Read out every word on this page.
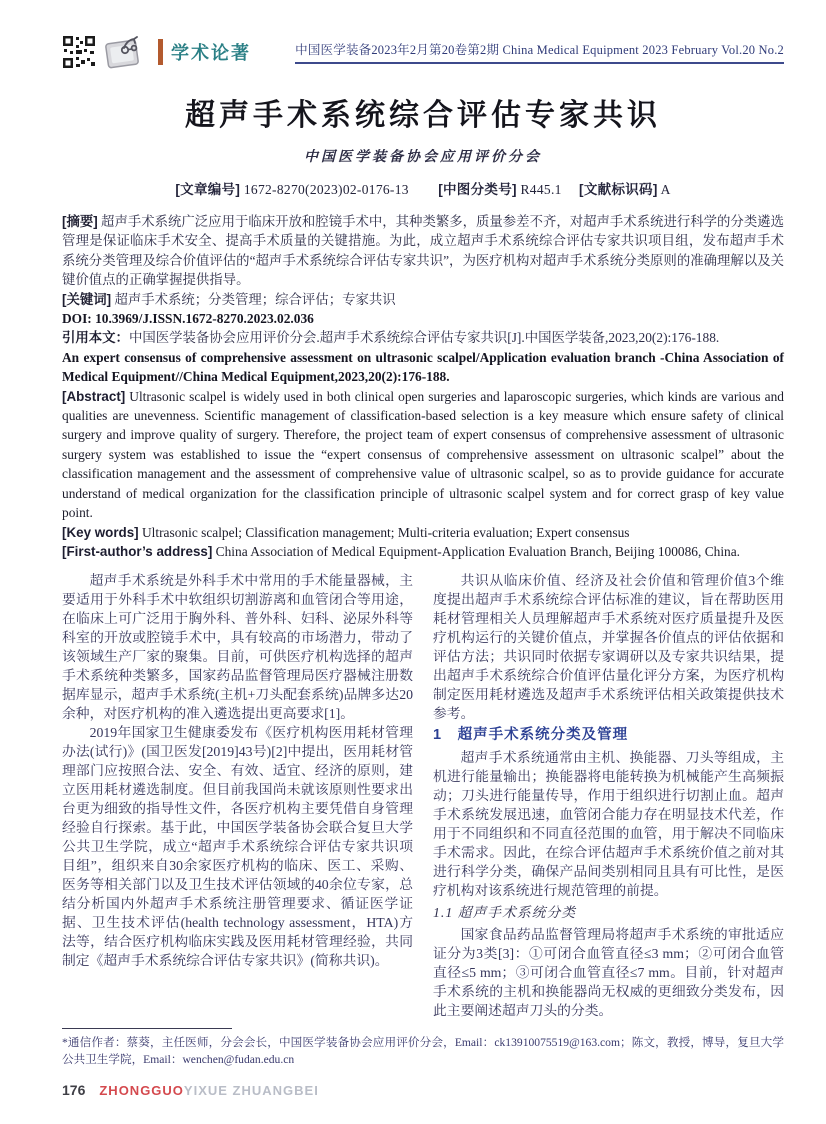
学术论著	中国医学装备2023年2月第20卷第2期 China Medical Equipment 2023 February Vol.20 No.2
超声手术系统综合评估专家共识
中国医学装备协会应用评价分会
[文章编号] 1672-8270(2023)02-0176-13 [中图分类号] R445.1 [文献标识码] A

[摘要] 超声手术系统广泛应用于临床开放和腔镜手术中，其种类繁多，质量参差不齐，对超声手术系统进行科学的分类遴选管理是保证临床手术安全、提高手术质量的关键措施。为此，成立超声手术系统综合评估专家共识项目组，发布超声手术系统分类管理及综合价值评估的“超声手术系统综合评估专家共识”，为医疗机构对超声手术系统分类原则的准确理解以及关键价值点的正确掌握提供指导。

[关键词] 超声手术系统；分类管理；综合评估；专家共识

DOI: 10.3969/J.ISSN.1672-8270.2023.02.036

引用本文：中国医学装备协会应用评价分会.超声手术系统综合评估专家共识[J].中国医学装备,2023,20(2):176-188.

An expert consensus of comprehensive assessment on ultrasonic scalpel/Application evaluation branch -China Association of Medical Equipment//China Medical Equipment,2023,20(2):176-188.

[Abstract] Ultrasonic scalpel is widely used in both clinical open surgeries and laparoscopic surgeries, which kinds are various and qualities are unevenness. Scientific management of classification-based selection is a key measure which ensure safety of clinical surgery and improve quality of surgery. Therefore, the project team of expert consensus of comprehensive assessment of ultrasonic surgery system was established to issue the “expert consensus of comprehensive assessment on ultrasonic scalpel” about the classification management and the assessment of comprehensive value of ultrasonic scalpel, so as to provide guidance for accurate understand of medical organization for the classification principle of ultrasonic scalpel system and for correct grasp of key value point.

[Key words] Ultrasonic scalpel; Classification management; Multi-criteria evaluation; Expert consensus

[First-author’s address] China Association of Medical Equipment-Application Evaluation Branch, Beijing 100086, China.

超声手术系统是外科手术中常用的手术能量器械，主要适用于外科手术中软组织切割游离和血管闭合等用途，在临床上可广泛用于胸外科、普外科、妇科、泌尿外科等科室的开放或腔镜手术中，具有较高的市场潜力，带动了该领域生产厂家的聚集。目前，可供医疗机构选择的超声手术系统种类繁多，国家药品监督管理局医疗器械注册数据库显示，超声手术系统(主机+刀头配套系统)品牌多达20余种，对医疗机构的准入遴选提出更高要求[1]。

2019年国家卫生健康委发布《医疗机构医用耗材管理办法(试行)》(国卫医发[2019]43号)[2]中提出，医用耗材管理部门应按照合法、安全、有效、适宜、经济的原则，建立医用耗材遴选制度。但目前我国尚未就该原则性要求出台更为细致的指导性文件，各医疗机构主要凭借自身管理经验自行探索。基于此，中国医学装备协会联合复旦大学公共卫生学院，成立“超声手术系统综合评估专家共识项目组”，组织来自30余家医疗机构的临床、医工、采购、医务等相关部门以及卫生技术评估领域的40余位专家，总结分析国内外超声手术系统注册管理要求、循证医学证据、卫生技术评估(health technology assessment，HTA)方法等，结合医疗机构临床实践及医用耗材管理经验，共同制定《超声手术系统综合评估专家共识》(简称共识)。

共识从临床价值、经济及社会价值和管理价值3个维度提出超声手术系统综合评估标准的建议，旨在帮助医用耗材管理相关人员理解超声手术系统对医疗质量提升及医疗机构运行的关键价值点，并掌握各价值点的评估依据和评估方法；共识同时依据专家调研以及专家共识结果，提出超声手术系统综合价值评估量化评分方案，为医疗机构制定医用耗材遴选及超声手术系统评估相关政策提供技术参考。

1　超声手术系统分类及管理

超声手术系统通常由主机、换能器、刀头等组成，主机进行能量输出；换能器将电能转换为机械能产生高频振动；刀头进行能量传导，作用于组织进行切割止血。超声手术系统发展迅速，血管闭合能力存在明显技术代差，作用于不同组织和不同直径范围的血管，用于解决不同临床手术需求。因此，在综合评估超声手术系统价值之前对其进行科学分类，确保产品间类别相同且具有可比性，是医疗机构对该系统进行规范管理的前提。

1.1 超声手术系统分类

国家食品药品监督管理局将超声手术系统的审批适应证分为3类[3]：①可闭合血管直径≤3 mm；②可闭合血管直径≤5 mm；③可闭合血管直径≤7 mm。目前，针对超声手术系统的主机和换能器尚无权威的更细致分类发布，因此主要阐述超声刀头的分类。

*通信作者：蔡葵，主任医师，分会会长，中国医学装备协会应用评价分会，Email：ck13910075519@163.com；陈文，教授，博导，复旦大学公共卫生学院，Email：wenchen@fudan.edu.cn
176 ZHONGGUOYIXUE ZHUANGBEI
